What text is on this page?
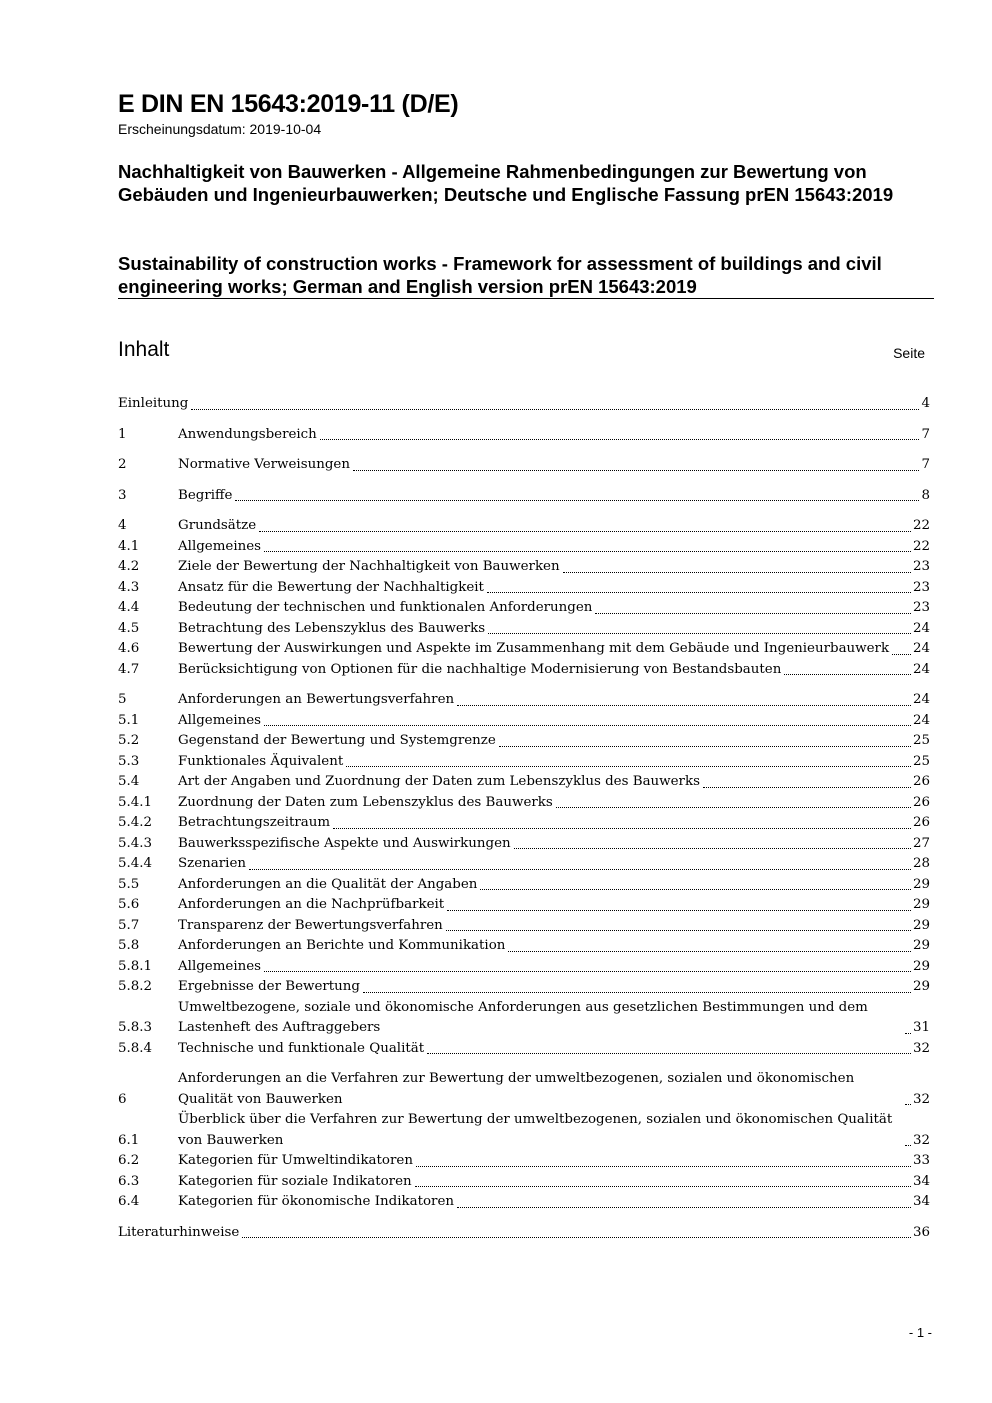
E DIN EN 15643:2019-11 (D/E)
Erscheinungsdatum: 2019-10-04
Nachhaltigkeit von Bauwerken - Allgemeine Rahmenbedingungen zur Bewertung von Gebäuden und Ingenieurbauwerken; Deutsche und Englische Fassung prEN 15643:2019
Sustainability of construction works - Framework for assessment of buildings and civil engineering works; German and English version prEN 15643:2019
Inhalt	Seite
Einleitung	4
1	Anwendungsbereich	7
2	Normative Verweisungen	7
3	Begriffe	8
4	Grundsätze	22
4.1	Allgemeines	22
4.2	Ziele der Bewertung der Nachhaltigkeit von Bauwerken	23
4.3	Ansatz für die Bewertung der Nachhaltigkeit	23
4.4	Bedeutung der technischen und funktionalen Anforderungen	23
4.5	Betrachtung des Lebenszyklus des Bauwerks	24
4.6	Bewertung der Auswirkungen und Aspekte im Zusammenhang mit dem Gebäude und Ingenieurbauwerk 24
4.7	Berücksichtigung von Optionen für die nachhaltige Modernisierung von Bestandsbauten	24
5	Anforderungen an Bewertungsverfahren	24
5.1	Allgemeines	24
5.2	Gegenstand der Bewertung und Systemgrenze	25
5.3	Funktionales Äquivalent	25
5.4	Art der Angaben und Zuordnung der Daten zum Lebenszyklus des Bauwerks	26
5.4.1	Zuordnung der Daten zum Lebenszyklus des Bauwerks	26
5.4.2	Betrachtungszeitraum	26
5.4.3	Bauwerksspezifische Aspekte und Auswirkungen	27
5.4.4	Szenarien	28
5.5	Anforderungen an die Qualität der Angaben	29
5.6	Anforderungen an die Nachprüfbarkeit	29
5.7	Transparenz der Bewertungsverfahren	29
5.8	Anforderungen an Berichte und Kommunikation	29
5.8.1	Allgemeines	29
5.8.2	Ergebnisse der Bewertung	29
5.8.3
Umweltbezogene, soziale und ökonomische Anforderungen aus gesetzlichen Bestimmungen und dem Lastenheft des Auftraggebers	31
5.8.4	Technische und funktionale Qualität	32
6
Anforderungen an die Verfahren zur Bewertung der umweltbezogenen, sozialen und ökonomischen Qualität von Bauwerken	32
6.1
Überblick über die Verfahren zur Bewertung der umweltbezogenen, sozialen und ökonomischen Qualität von Bauwerken	32
6.2	Kategorien für Umweltindikatoren	33
6.3	Kategorien für soziale Indikatoren	34
6.4	Kategorien für ökonomische Indikatoren	34
Literaturhinweise	36
- 1 -
